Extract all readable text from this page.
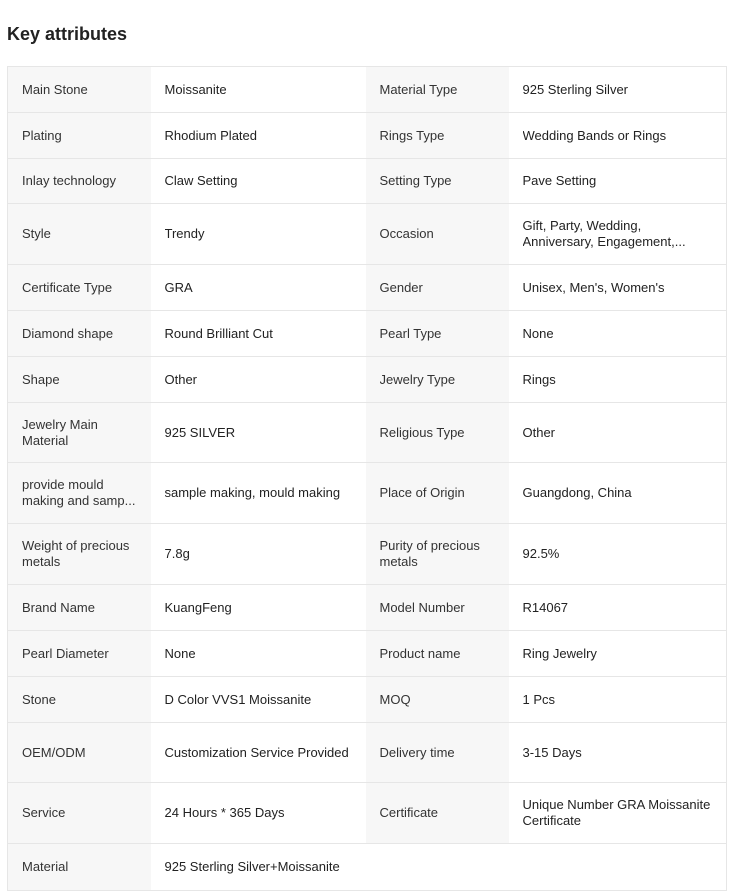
Key attributes
Main Stone	Moissanite	Material Type	925 Sterling Silver

Plating	Rhodium Plated	Rings Type	Wedding Bands or Rings

Inlay technology	Claw Setting	Setting Type	Pave Setting

Style	Trendy	Occasion	Gift, Party, Wedding, Anniversary, Engagement,...

Certificate Type	GRA	Gender	Unisex, Men's, Women's

Diamond shape	Round Brilliant Cut	Pearl Type	None

Shape	Other	Jewelry Type	Rings

Jewelry Main Material	925 SILVER	Religious Type	Other

provide mould making and samp...	sample making, mould making	Place of Origin	Guangdong, China

Weight of precious metals	7.8g	Purity of precious metals	92.5%

Brand Name	KuangFeng	Model Number	R14067

Pearl Diameter	None	Product name	Ring Jewelry

Stone	D Color VVS1 Moissanite	MOQ	1 Pcs

OEM/ODM	Customization Service Provided	Delivery time	3-15 Days

Service	24 Hours * 365 Days	Certificate	Unique Number GRA Moissanite Certificate

Material	925 Sterling Silver+Moissanite		
